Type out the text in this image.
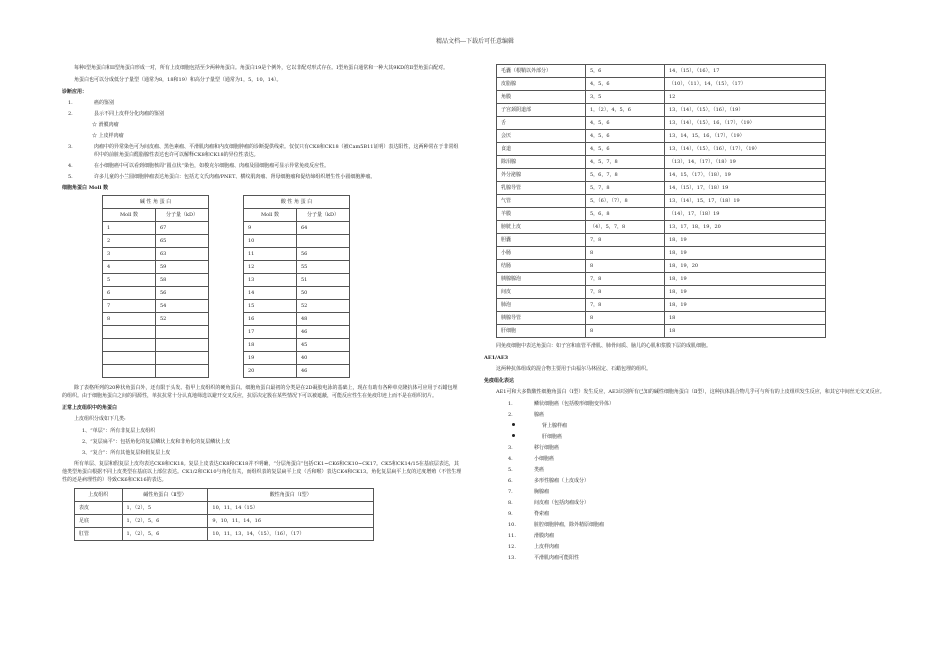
精品文档---下载后可任意编辑

每种I型角蛋白和II型角蛋白形成一对，所有上皮细胞包括至少两种角蛋白。角蛋白19是个例外，它以非配对形式存在。I型角蛋白通常和一种大其9KD的II型角蛋白配对。

角蛋白也可以分成低分子量型（通常为8，18和19）和高分子量型（通常为1，5，10，14）。

诊断应用：
1.	癌的鉴别
2.	县示不同上皮样分化肉瘤的鉴别
☆ 滑膜肉瘤
☆ 上皮样肉瘤
3.	肉瘤中的异常染色可为间皮瘤、黑色素瘤、平滑肌肉瘤和内皮细胞肿瘤的诊断提供线索。仅仅只有CK8和CK18（被Cam5B11证明）表达阳性，这两种常在于非常组织中的前脏角蛋白醛脂腺性表达也许可以解释CK8和CK18的异位性表达。
4.	在小细胞癌中可以看到细胞核周“圆点状”染色，如梭克尔细胞瘤、肉瘤及圆细胞瘤可显示异常免疫反应性。
5.	许多儿童的小兰圆细胞肿瘤表达角蛋白：包括尤文氏肉瘤/PNET、横纹肌肉瘤、肾母细胞瘤和促结缔组织增生性小圆细胞肿瘤。
细胞角蛋白 Moll 数
碱 性 角 蛋 白			酸 性 角 蛋 白	
Moll 数	分子量（kD）		Moll 数	分子量（kD）
1	67		9	64
2	65		10	
3	63		11	56
4	59		12	55
5	58		13	51
6	56		14	50
7	54		15	52
8	52		16	48
			17	46
			18	45
			19	40
			20	46

除了表格所列的20种状角蛋白外，还有限于头发、指甲上皮组织的硬角蛋白。细胞角蛋白最初的分类是在2D凝胶电泳的基础上，现在有助有各种单克隆抗体可应用于石蜡包埋的组织。由于细胞角蛋白之间的同源性，单抗抗常十分认真地筛选以避开交叉反应，抗原决定簇在某些情况下可以被遮蔽，可能反应性生在免疫印迹上而不是在组织切片。

正常上皮组织中的角蛋白

上皮组织分成如下几类:

1、“单层”：所有非复层上皮组织
2、“复层扁平”：包括角化的复层鳞状上皮和非角化的复层鳞状上皮
3、“复合”：所有其他复层和假复层上皮

所有单层、复层和假复层上皮均表达CK8和CK18。复层上皮表达CK8和CK18并不明确，“分层角蛋白”包括CK1~CK6和CK10~CK17。CK5和CK14/15在基底层表达，其他类型角蛋白根据不同上皮类型在基底以上部位表达。CK1/2和CK10与角化有关，而组织表的复层扁平上皮（舌和喉）表达CK4和CK13。角化复层扁平上皮的过度增殖（不管生理性的还是病理性的）导致CK6和CK16的表达。

上皮组织	碱性角蛋白（Ⅱ型）	酸性角蛋白（Ⅰ型）
表皮	1，（2），5	10，11，14（15）
足底	1，（2），5，6	9，10，11，14，16
肛管	1，（2），5，6	10，11，13，14，（15），（16），（17）
毛囊（根鞘以外部分）	5，6	14，（15），（16），17
皮脂腺	4，5，6	（10），（11），14，（15），（17）
角膜	3，5	12
子宫颈阴道部	1，（2），4，5，6	13，（14），（15），（16），（19）
舌	4，5，6	13，（14），（15），16，（17），（19）
会厌	4，5，6	13，14，15，16，（17），（19）
食道	4，5，6	13，（14），（15），（16），（17），（19）
除泪腺	4，5，7，8	（13），14，（17），（18）19
外分泌腺	5，6，7，8	14，15，（17），（18），19
乳腺导管	5，7，8	14，（15），17，（18）19
气管	5，（6），（7），8	13，（14），15，17，（18）19
羊膜	5，6，8	（14），17，（18）19
膀胱上皮	（4），5，7，8	13，17，18，19，20
胆囊	7，8	18，19
小肠	8	18，19
结肠	8	18，19，20
胰腺腺泡	7，8	18，19
间皮	7，8	18，19
肺泡	7，8	18，19
胰腺导管	8	18
肝细胞	8	18

同免疫细胞中表达角蛋白：如子宫和血管平滑肌、肺骨间质、脑儿的心肌和浆膜下层的成肌细胞。

AE1/AE3

这两种抗体组成的混合物主要用于由福尔马林固定、石蜡包埋的组织。

免疫组化表达

AE1可和大多数酸性细胞角蛋白（Ⅰ型）发生反应，AE3识别所有已知的碱性细胞角蛋白（Ⅱ型），这种抗体混合物几乎可与所有的上皮组织发生反应，和其它中间丝无交叉反应。

1.	鳞状细胞癌（包括梭形细胞变异体）
2.	腺癌
肾上腺样瘤
肝细胞癌
3.	移行细胞癌
4.	小细胞癌
5.	类癌
6.	多形性腺瘤（上皮成分）
7.	胸腺瘤
8.	间皮瘤（包括肉瘤成分）
9.	脊索瘤
10.	脏腔细胞肿瘤，除外精原细胞瘤
11.	滑膜肉瘤
12.	上皮样肉瘤
13.	平滑肌肉瘤可能阳性
